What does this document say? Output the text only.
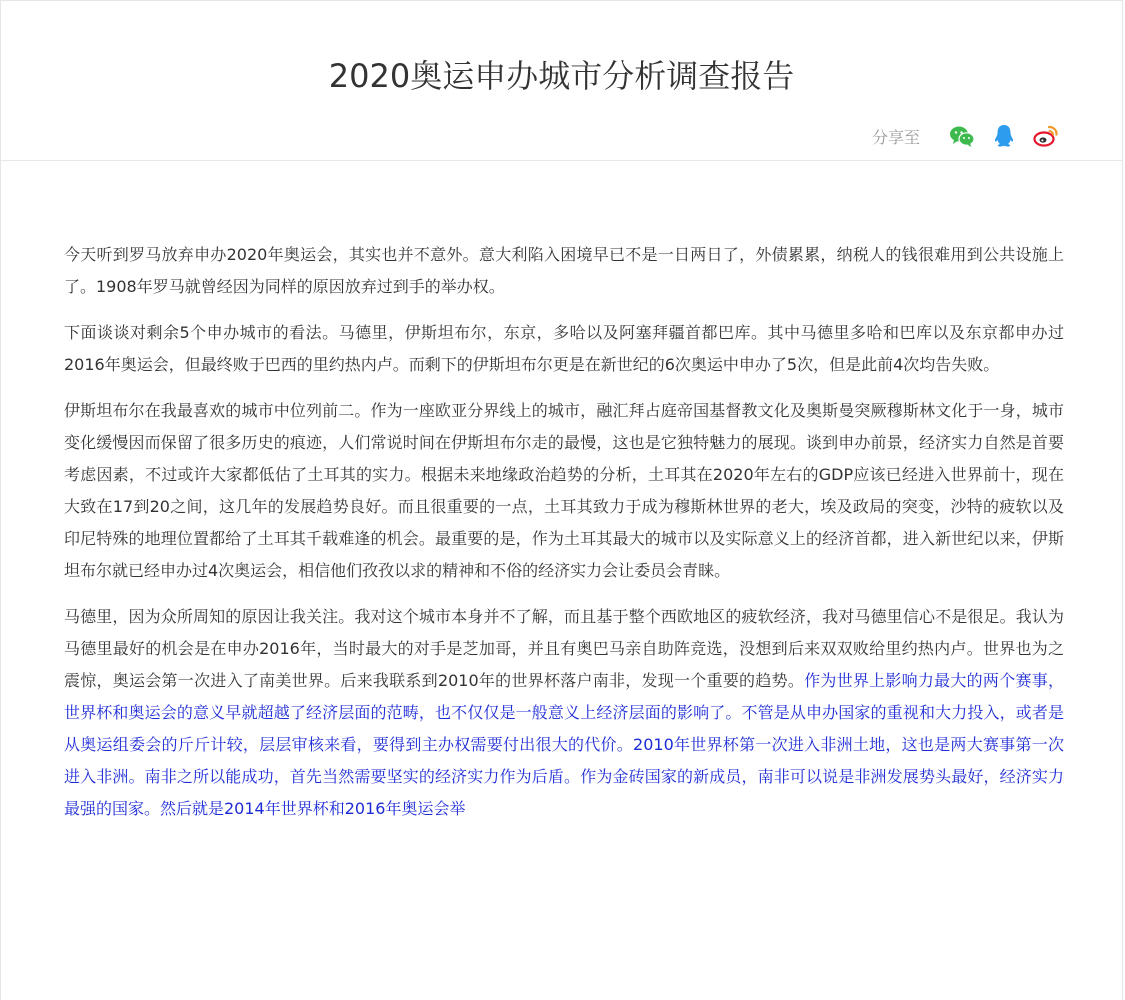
2020奥运申办城市分析调查报告
分享至

今天听到罗马放弃申办2020年奥运会，其实也并不意外。意大利陷入困境早已不是一日两日了，外债累累，纳税人的钱很难用到公共设施上了。1908年罗马就曾经因为同样的原因放弃过到手的举办权。

下面谈谈对剩余5个申办城市的看法。马德里，伊斯坦布尔，东京，多哈以及阿塞拜疆首都巴库。其中马德里多哈和巴库以及东京都申办过2016年奥运会，但最终败于巴西的里约热内卢。而剩下的伊斯坦布尔更是在新世纪的6次奥运中申办了5次，但是此前4次均告失败。

伊斯坦布尔在我最喜欢的城市中位列前二。作为一座欧亚分界线上的城市，融汇拜占庭帝国基督教文化及奥斯曼突厥穆斯林文化于一身，城市变化缓慢因而保留了很多历史的痕迹，人们常说时间在伊斯坦布尔走的最慢，这也是它独特魅力的展现。谈到申办前景，经济实力自然是首要考虑因素，不过或许大家都低估了土耳其的实力。根据未来地缘政治趋势的分析，土耳其在2020年左右的GDP应该已经进入世界前十，现在大致在17到20之间，这几年的发展趋势良好。而且很重要的一点，土耳其致力于成为穆斯林世界的老大，埃及政局的突变，沙特的疲软以及印尼特殊的地理位置都给了土耳其千载难逢的机会。最重要的是，作为土耳其最大的城市以及实际意义上的经济首都，进入新世纪以来，伊斯坦布尔就已经申办过4次奥运会，相信他们孜孜以求的精神和不俗的经济实力会让委员会青睐。

马德里，因为众所周知的原因让我关注。我对这个城市本身并不了解，而且基于整个西欧地区的疲软经济，我对马德里信心不是很足。我认为马德里最好的机会是在申办2016年，当时最大的对手是芝加哥，并且有奥巴马亲自助阵竞选，没想到后来双双败给里约热内卢。世界也为之震惊，奥运会第一次进入了南美世界。后来我联系到2010年的世界杯落户南非，发现一个重要的趋势。作为世界上影响力最大的两个赛事，世界杯和奥运会的意义早就超越了经济层面的范畴，也不仅仅是一般意义上经济层面的影响了。不管是从申办国家的重视和大力投入，或者是从奥运组委会的斤斤计较，层层审核来看，要得到主办权需要付出很大的代价。2010年世界杯第一次进入非洲土地，这也是两大赛事第一次进入非洲。南非之所以能成功，首先当然需要坚实的经济实力作为后盾。作为金砖国家的新成员，南非可以说是非洲发展势头最好，经济实力最强的国家。然后就是2014年世界杯和2016年奥运会举
